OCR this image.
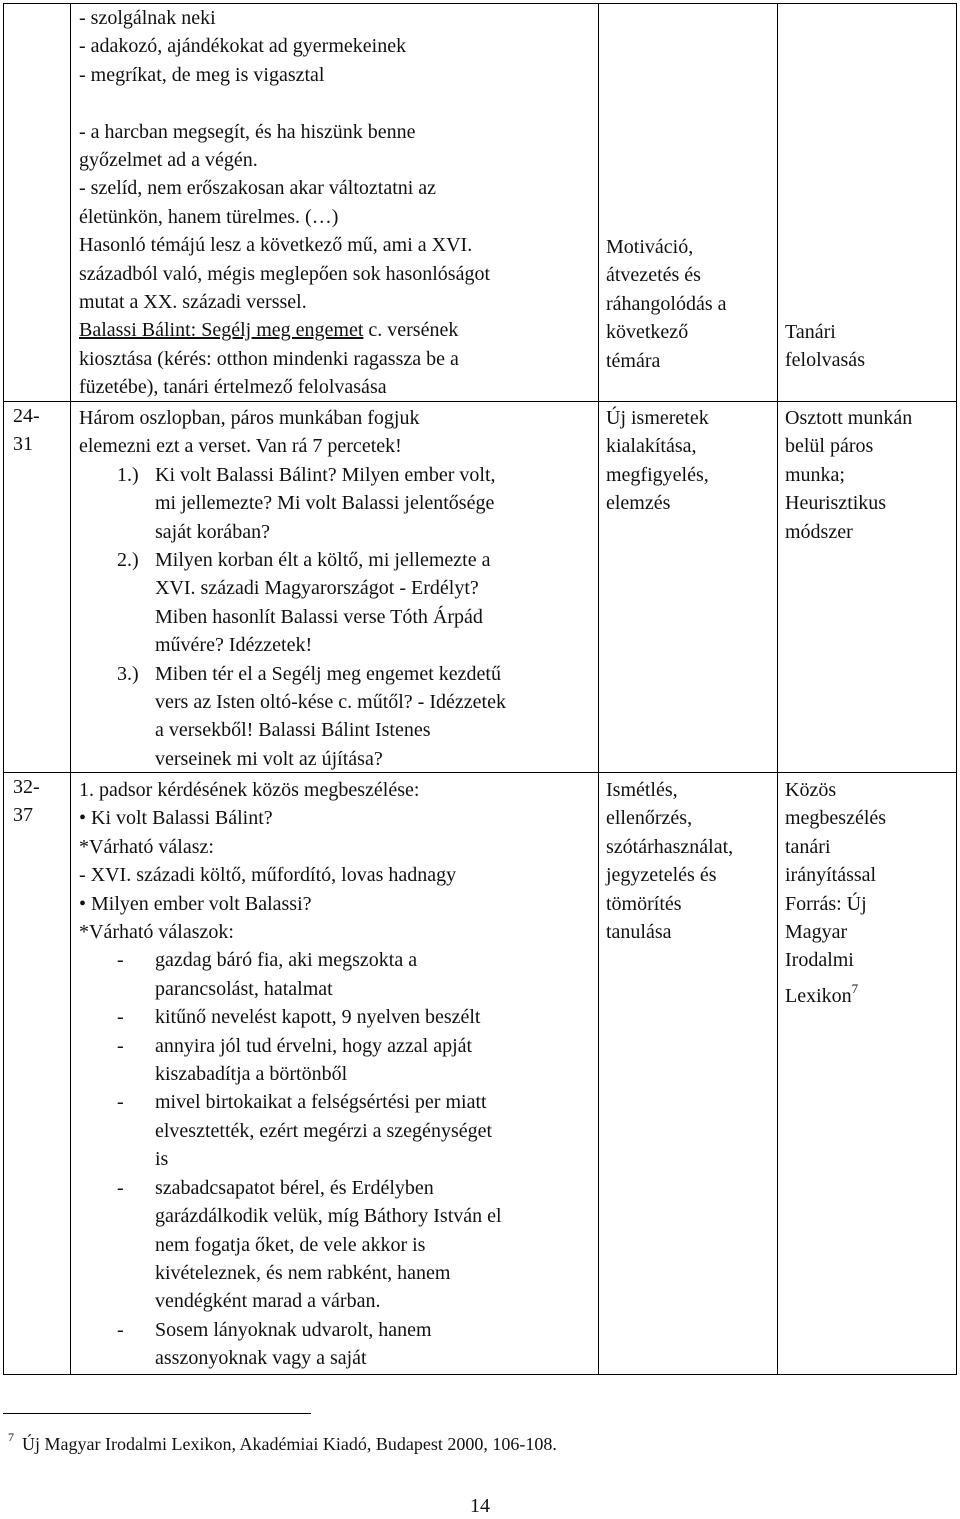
- szolgálnak neki

- adakozó, ajándékokat ad gyermekeinek

- megríkat, de meg is vigasztal

- a harcban megsegít, és ha hiszünk benne

győzelmet ad a végén.

- szelíd, nem erőszakosan akar változtatni az

életünkön, hanem türelmes. (…)

Hasonló témájú lesz a következő mű, ami a XVI.

századból való, mégis meglepően sok hasonlóságot

mutat a XX. századi verssel.

Balassi Bálint: Segélj meg engemet c. versének

kiosztása (kérés: otthon mindenki ragassza be a

füzetébe), tanári értelmező felolvasása

Motiváció,

átvezetés és

ráhangolódás a

következő

témára

Tanári

felolvasás

24-

31

Három oszlopban, páros munkában fogjuk

elemezni ezt a verset. Van rá 7 percetek!

1.) Ki volt Balassi Bálint? Milyen ember volt,

mi jellemezte? Mi volt Balassi jelentősége

saját korában?

2.) Milyen korban élt a költő, mi jellemezte a

XVI. századi Magyarországot - Erdélyt?

Miben hasonlít Balassi verse Tóth Árpád

művére? Idézzetek!

3.) Miben tér el a Segélj meg engemet kezdetű

vers az Isten oltó-kése c. műtől? - Idézzetek

a versekből! Balassi Bálint Istenes

verseinek mi volt az újítása?

Új ismeretek

kialakítása,

megfigyelés,

elemzés

Osztott munkán

belül páros

munka;

Heurisztikus

módszer

32-

37

1. padsor kérdésének közös megbeszélése:

• Ki volt Balassi Bálint?

*Várható válasz:

- XVI. századi költő, műfordító, lovas hadnagy

• Milyen ember volt Balassi?

*Várható válaszok:

- gazdag báró fia, aki megszokta a

parancsolást, hatalmat

- kitűnő nevelést kapott, 9 nyelven beszélt

- annyira jól tud érvelni, hogy azzal apját

kiszabadítja a börtönből

- mivel birtokaikat a felségsértési per miatt

elvesztették, ezért megérzi a szegénységet

is

- szabadcsapatot bérel, és Erdélyben

garázdálkodik velük, míg Báthory István el

nem fogatja őket, de vele akkor is

kivételeznek, és nem rabként, hanem

vendégként marad a várban.

- Sosem lányoknak udvarolt, hanem

asszonyoknak vagy a saját

Ismétlés,

ellenőrzés,

szótárhasználat,

jegyzetelés és

tömörítés

tanulása

Közös

megbeszélés

tanári

irányítással

Forrás: Új

Magyar

Irodalmi

Lexikon$^7$

$^7$ Új Magyar Irodalmi Lexikon, Akadémiai Kiadó, Budapest 2000, 106-108.
14
